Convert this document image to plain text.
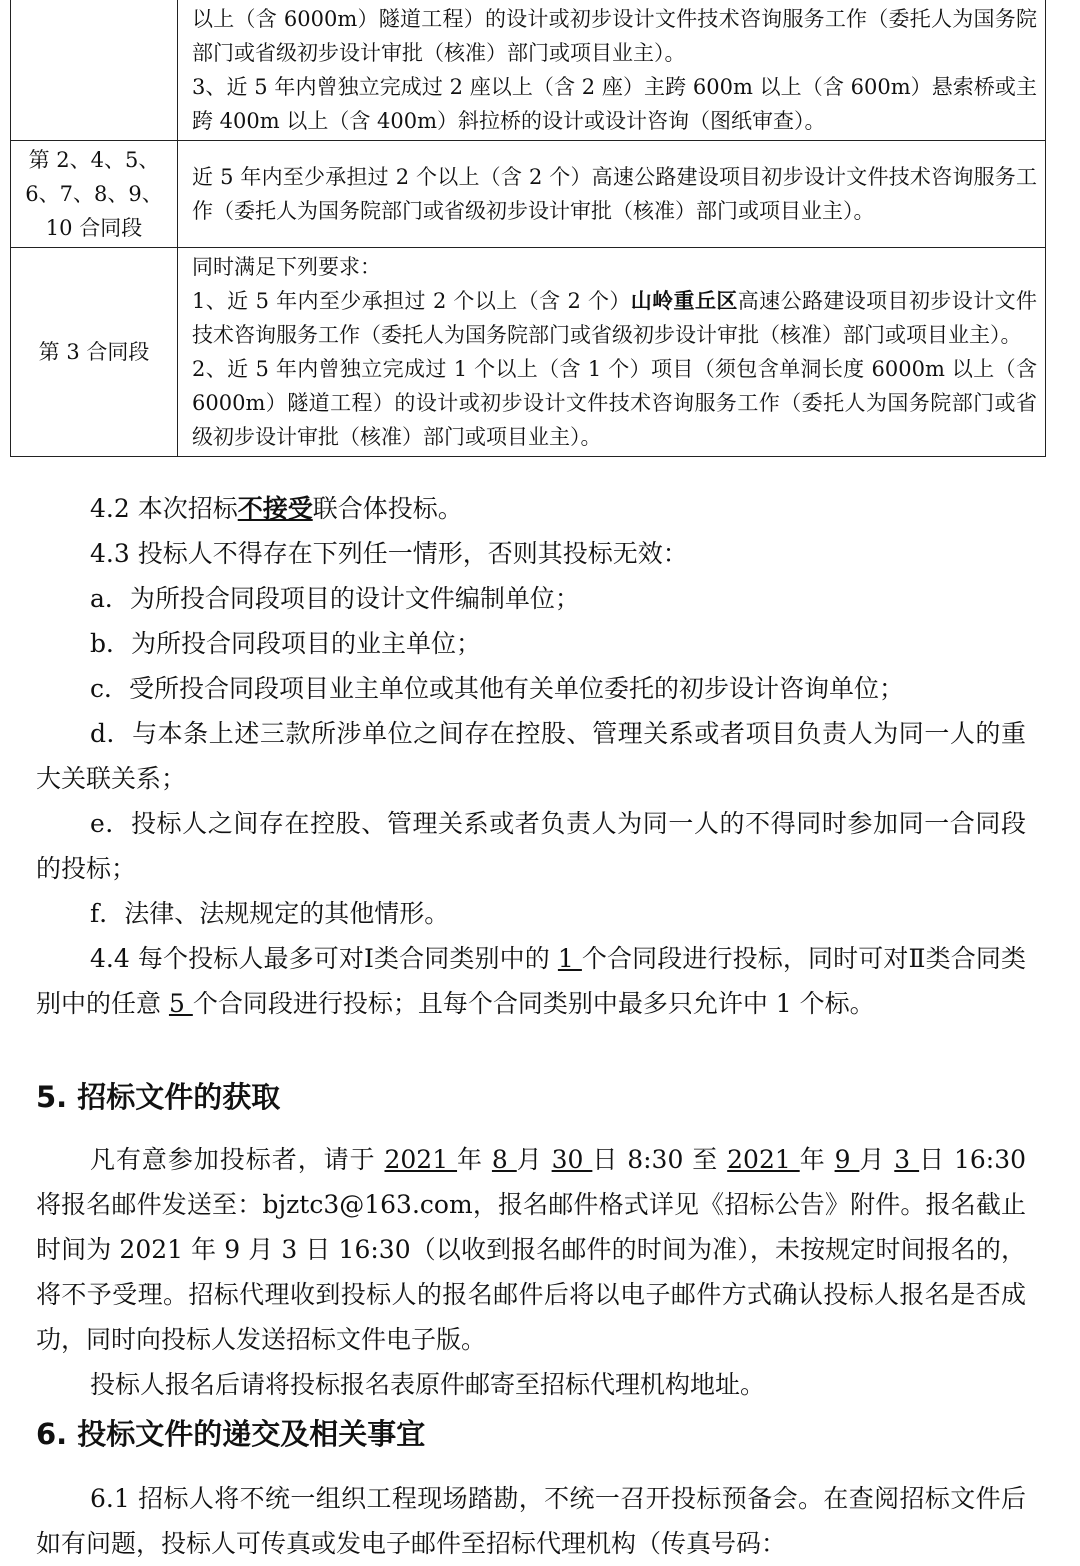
	以上（含 6000m）隧道工程）的设计或初步设计文件技术咨询服务工作（委托人为国务院部门或省级初步设计审批（核准）部门或项目业主）。
3、近 5 年内曾独立完成过 2 座以上（含 2 座）主跨 600m 以上（含 600m）悬索桥或主跨 400m 以上（含 400m）斜拉桥的设计或设计咨询（图纸审查）。

第 2、4、5、6、7、8、9、10 合同段	近 5 年内至少承担过 2 个以上（含 2 个）高速公路建设项目初步设计文件技术咨询服务工作（委托人为国务院部门或省级初步设计审批（核准）部门或项目业主）。
第 3 合同段	同时满足下列要求：
1、近 5 年内至少承担过 2 个以上（含 2 个）山岭重丘区高速公路建设项目初步设计文件技术咨询服务工作（委托人为国务院部门或省级初步设计审批（核准）部门或项目业主）。
2、近 5 年内曾独立完成过 1 个以上（含 1 个）项目（须包含单洞长度 6000m 以上（含 6000m）隧道工程）的设计或初步设计文件技术咨询服务工作（委托人为国务院部门或省级初步设计审批（核准）部门或项目业主）。

4.2 本次招标不接受联合体投标。

4.3 投标人不得存在下列任一情形，否则其投标无效：

a．为所投合同段项目的设计文件编制单位；

b．为所投合同段项目的业主单位；

c．受所投合同段项目业主单位或其他有关单位委托的初步设计咨询单位；

d．与本条上述三款所涉单位之间存在控股、管理关系或者项目负责人为同一人的重大关联关系；

e．投标人之间存在控股、管理关系或者负责人为同一人的不得同时参加同一合同段的投标；

f．法律、法规规定的其他情形。

4.4 每个投标人最多可对Ⅰ类合同类别中的 1 个合同段进行投标，同时可对Ⅱ类合同类别中的任意 5 个合同段进行投标；且每个合同类别中最多只允许中 1 个标。

5. 招标文件的获取

凡有意参加投标者，请于 2021 年 8 月 30 日 8:30 至 2021 年 9 月 3 日 16:30 将报名邮件发送至：bjztc3@163.com，报名邮件格式详见《招标公告》附件。报名截止时间为 2021 年 9 月 3 日 16:30（以收到报名邮件的时间为准），未按规定时间报名的，将不予受理。招标代理收到投标人的报名邮件后将以电子邮件方式确认投标人报名是否成功，同时向投标人发送招标文件电子版。

投标人报名后请将投标报名表原件邮寄至招标代理机构地址。

6. 投标文件的递交及相关事宜

6.1 招标人将不统一组织工程现场踏勘，不统一召开投标预备会。在查阅招标文件后如有问题，投标人可传真或发电子邮件至招标代理机构（传真号码：
